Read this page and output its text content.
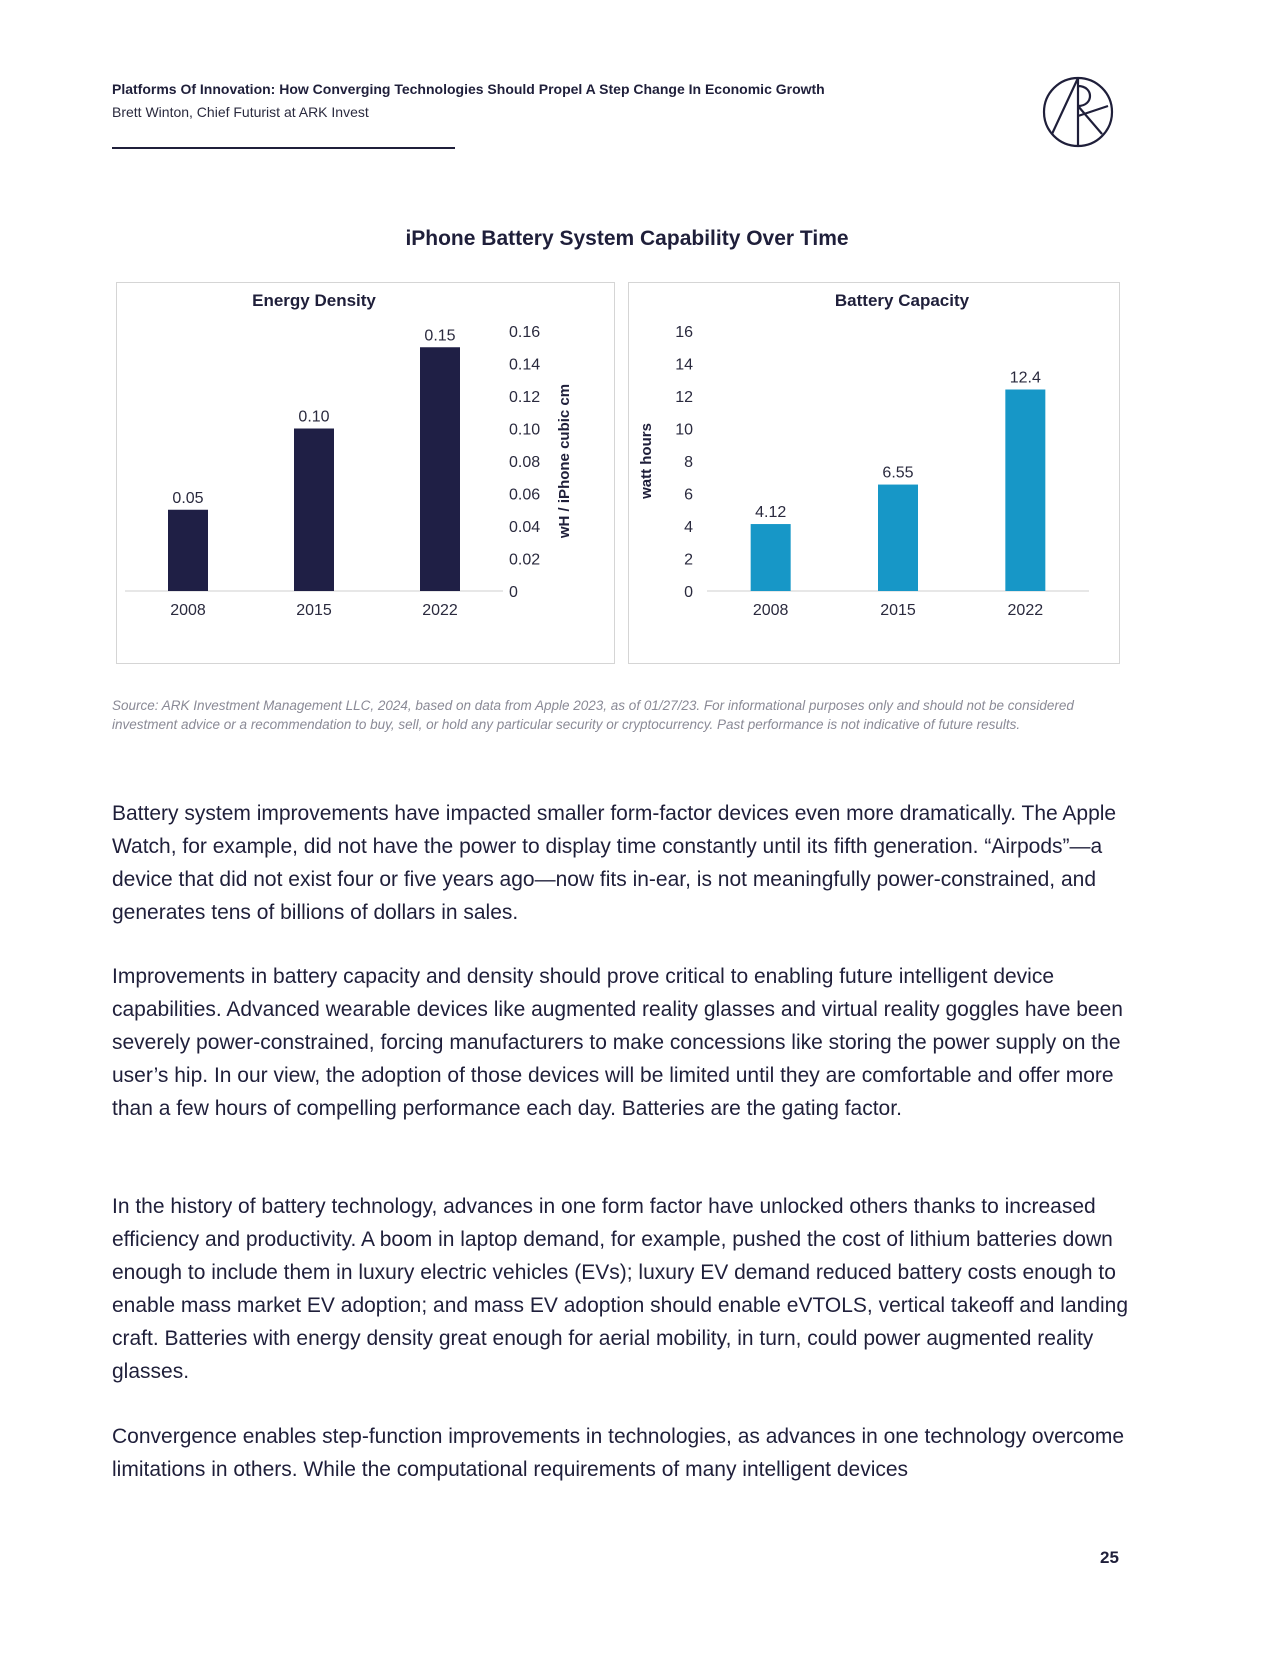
Platforms Of Innovation: How Converging Technologies Should Propel A Step Change In Economic Growth
Brett Winton, Chief Futurist at ARK Invest
iPhone Battery System Capability Over Time
Energy Density
0
0.02
0.04
0.06
0.08
0.10
0.12
0.14
0.16
wH / iPhone cubic cm
0.05
2008
0.10
2015
0.15
2022
Battery Capacity
0
2
4
6
8
10
12
14
16
watt hours
4.12
2008
6.55
2015
12.4
2022
Source: ARK Investment Management LLC, 2024, based on data from Apple 2023, as of 01/27/23. For informational purposes only and should not be considered investment advice or a recommendation to buy, sell, or hold any particular security or cryptocurrency. Past performance is not indicative of future results.

Battery system improvements have impacted smaller form-factor devices even more dramatically. The Apple Watch, for example, did not have the power to display time constantly until its fifth generation. “Airpods”—a device that did not exist four or five years ago—now fits in-ear, is not meaningfully power-constrained, and generates tens of billions of dollars in sales.

Improvements in battery capacity and density should prove critical to enabling future intelligent device capabilities. Advanced wearable devices like augmented reality glasses and virtual reality goggles have been severely power-constrained, forcing manufacturers to make concessions like storing the power supply on the user’s hip. In our view, the adoption of those devices will be limited until they are comfortable and offer more than a few hours of compelling performance each day. Batteries are the gating factor.

In the history of battery technology, advances in one form factor have unlocked others thanks to increased efficiency and productivity. A boom in laptop demand, for example, pushed the cost of lithium batteries down enough to include them in luxury electric vehicles (EVs); luxury EV demand reduced battery costs enough to enable mass market EV adoption; and mass EV adoption should enable eVTOLS, vertical takeoff and landing craft. Batteries with energy density great enough for aerial mobility, in turn, could power augmented reality glasses.

Convergence enables step-function improvements in technologies, as advances in one technology overcome limitations in others. While the computational requirements of many intelligent devices

25
